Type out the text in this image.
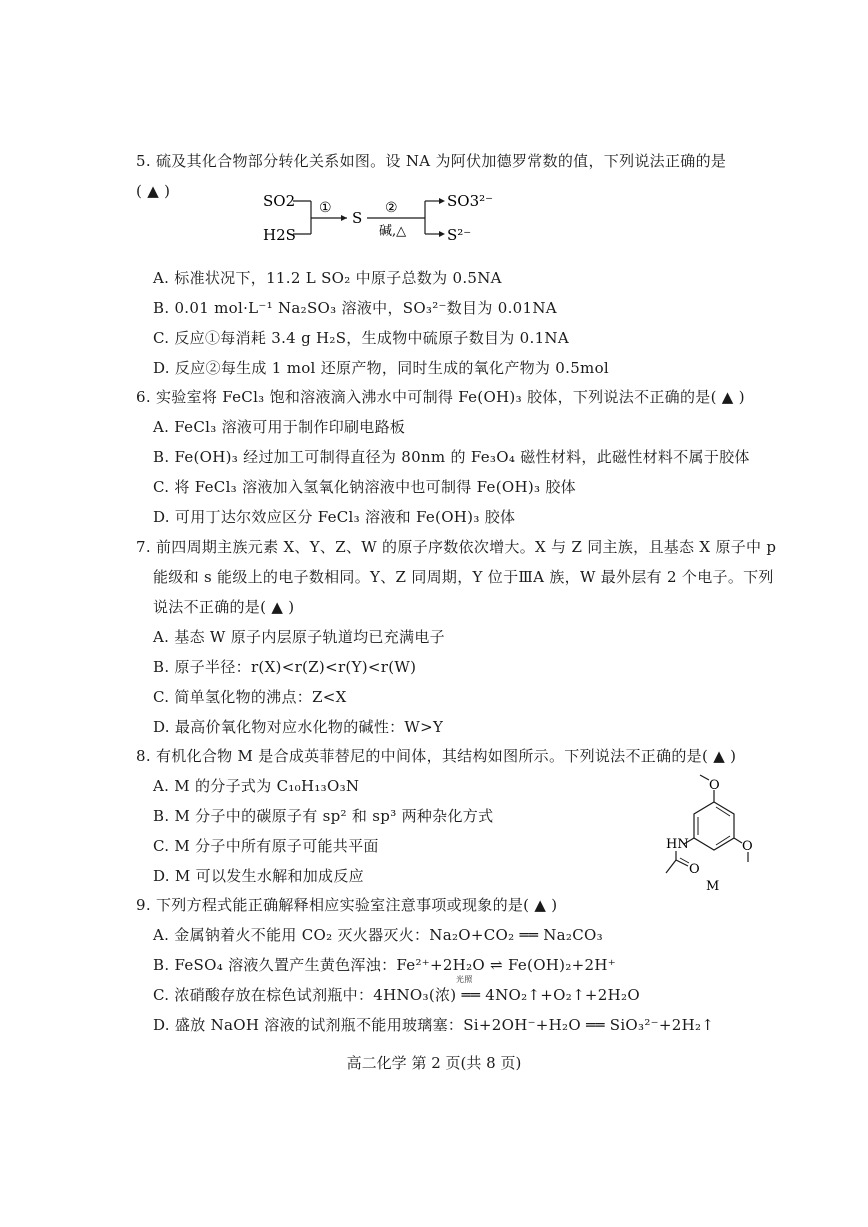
5. 硫及其化合物部分转化关系如图。设 NA 为阿伏加德罗常数的值，下列说法正确的是
( ▲ )
SO2
H2S
①
S
②
碱,△
SO3²⁻
S²⁻
A. 标准状况下，11.2 L SO₂ 中原子总数为 0.5NA
B. 0.01 mol·L⁻¹ Na₂SO₃ 溶液中，SO₃²⁻数目为 0.01NA
C. 反应①每消耗 3.4 g H₂S，生成物中硫原子数目为 0.1NA
D. 反应②每生成 1 mol 还原产物，同时生成的氧化产物为 0.5mol
6. 实验室将 FeCl₃ 饱和溶液滴入沸水中可制得 Fe(OH)₃ 胶体，下列说法不正确的是( ▲ )
A. FeCl₃ 溶液可用于制作印刷电路板
B. Fe(OH)₃ 经过加工可制得直径为 80nm 的 Fe₃O₄ 磁性材料，此磁性材料不属于胶体
C. 将 FeCl₃ 溶液加入氢氧化钠溶液中也可制得 Fe(OH)₃ 胶体
D. 可用丁达尔效应区分 FeCl₃ 溶液和 Fe(OH)₃ 胶体
7. 前四周期主族元素 X、Y、Z、W 的原子序数依次增大。X 与 Z 同主族，且基态 X 原子中 p
能级和 s 能级上的电子数相同。Y、Z 同周期，Y 位于ⅢA 族，W 最外层有 2 个电子。下列
说法不正确的是( ▲ )
A. 基态 W 原子内层原子轨道均已充满电子
B. 原子半径：r(X)<r(Z)<r(Y)<r(W)
C. 简单氢化物的沸点：Z<X
D. 最高价氧化物对应水化物的碱性：W>Y
8. 有机化合物 M 是合成英菲替尼的中间体，其结构如图所示。下列说法不正确的是( ▲ )
A. M 的分子式为 C₁₀H₁₃O₃N
B. M 分子中的碳原子有 sp² 和 sp³ 两种杂化方式
C. M 分子中所有原子可能共平面
D. M 可以发生水解和加成反应
O
O
HN
O
M
9. 下列方程式能正确解释相应实验室注意事项或现象的是( ▲ )
A. 金属钠着火不能用 CO₂ 灭火器灭火：Na₂O+CO₂ ══ Na₂CO₃
B. FeSO₄ 溶液久置产生黄色浑浊：Fe²⁺+2H₂O ⇌ Fe(OH)₂+2H⁺
C. 浓硝酸存放在棕色试剂瓶中：4HNO₃(浓) ══ 4NO₂↑+O₂↑+2H₂O
光照
D. 盛放 NaOH 溶液的试剂瓶不能用玻璃塞：Si+2OH⁻+H₂O ══ SiO₃²⁻+2H₂↑
高二化学 第 2 页(共 8 页)
